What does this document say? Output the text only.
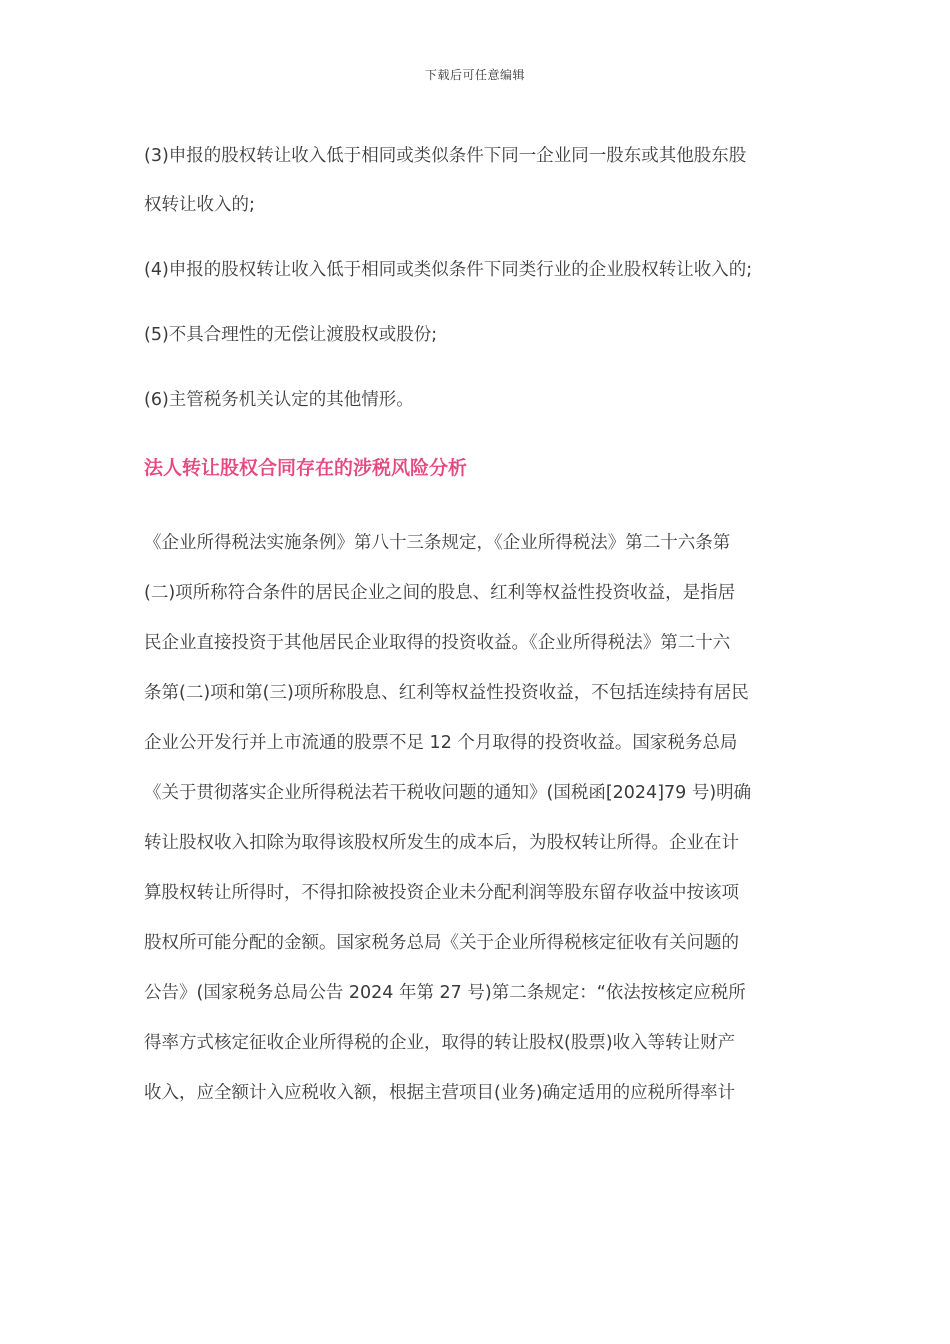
下载后可任意编辑

(3)申报的股权转让收入低于相同或类似条件下同一企业同一股东或其他股东股

权转让收入的;

(4)申报的股权转让收入低于相同或类似条件下同类行业的企业股权转让收入的;

(5)不具合理性的无偿让渡股权或股份;

(6)主管税务机关认定的其他情形。

法人转让股权合同存在的涉税风险分析

《企业所得税法实施条例》第八十三条规定，《企业所得税法》第二十六条第

(二)项所称符合条件的居民企业之间的股息、红利等权益性投资收益，是指居

民企业直接投资于其他居民企业取得的投资收益。《企业所得税法》第二十六

条第(二)项和第(三)项所称股息、红利等权益性投资收益，不包括连续持有居民

企业公开发行并上市流通的股票不足 12 个月取得的投资收益。国家税务总局

《关于贯彻落实企业所得税法若干税收问题的通知》(国税函[2024]79 号)明确

转让股权收入扣除为取得该股权所发生的成本后，为股权转让所得。企业在计

算股权转让所得时，不得扣除被投资企业未分配利润等股东留存收益中按该项

股权所可能分配的金额。国家税务总局《关于企业所得税核定征收有关问题的

公告》(国家税务总局公告 2024 年第 27 号)第二条规定：“依法按核定应税所

得率方式核定征收企业所得税的企业，取得的转让股权(股票)收入等转让财产

收入，应全额计入应税收入额，根据主营项目(业务)确定适用的应税所得率计
